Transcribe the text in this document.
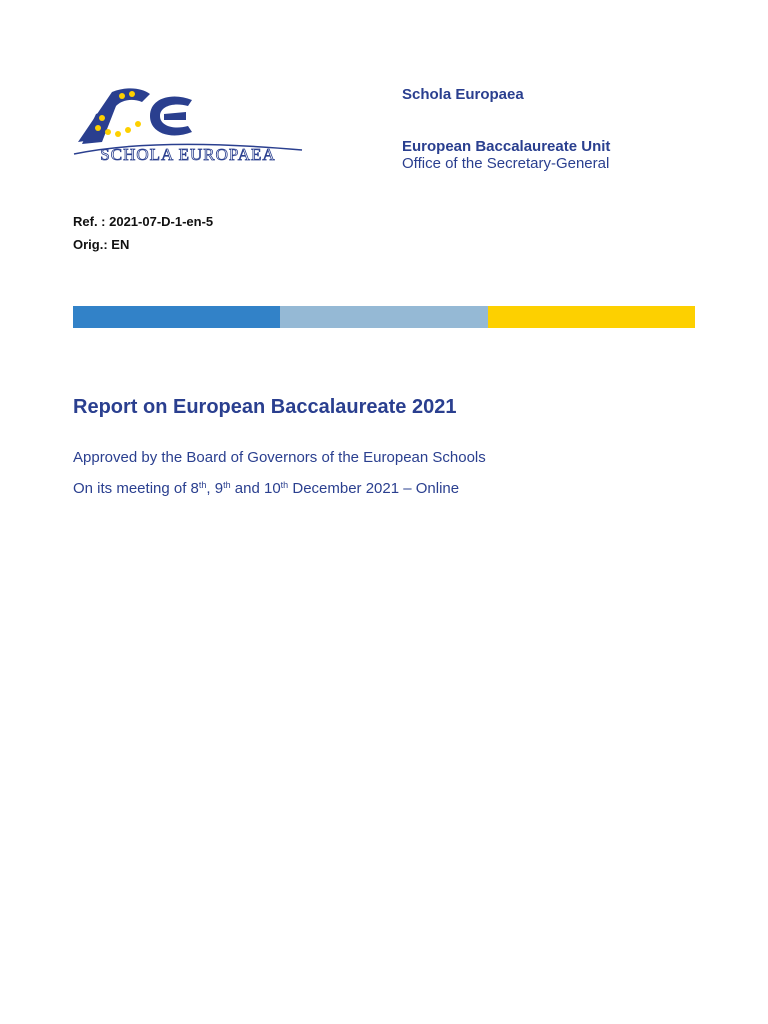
SCHOLA EUROPAEA
Schola Europaea
European Baccalaureate Unit
Office of the Secretary-General
Ref. : 2021-07-D-1-en-5
Orig.: EN
Report on European Baccalaureate 2021
Approved by the Board of Governors of the European Schools
On its meeting of 8th, 9th and 10th December 2021 – Online
